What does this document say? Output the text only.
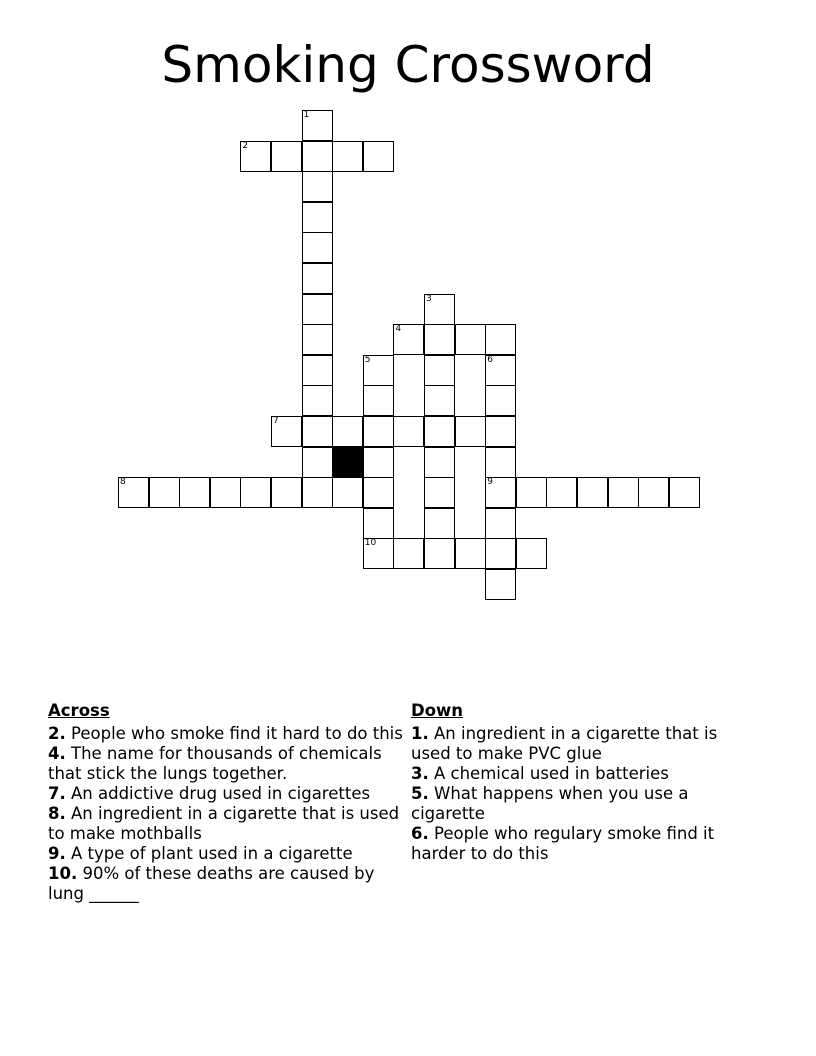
Smoking Crossword
1
2
3
4
5	6
9
7
8
10
Across
2. People who smoke find it hard to do this
4. The name for thousands of chemicals that stick the lungs together.
7. An addictive drug used in cigarettes
8. An ingredient in a cigarette that is used to make mothballs
9. A type of plant used in a cigarette
10. 90% of these deaths are caused by lung ______
Down
1. An ingredient in a cigarette that is used to make PVC glue
3. A chemical used in batteries
5. What happens when you use a cigarette
6. People who regulary smoke find it harder to do this
